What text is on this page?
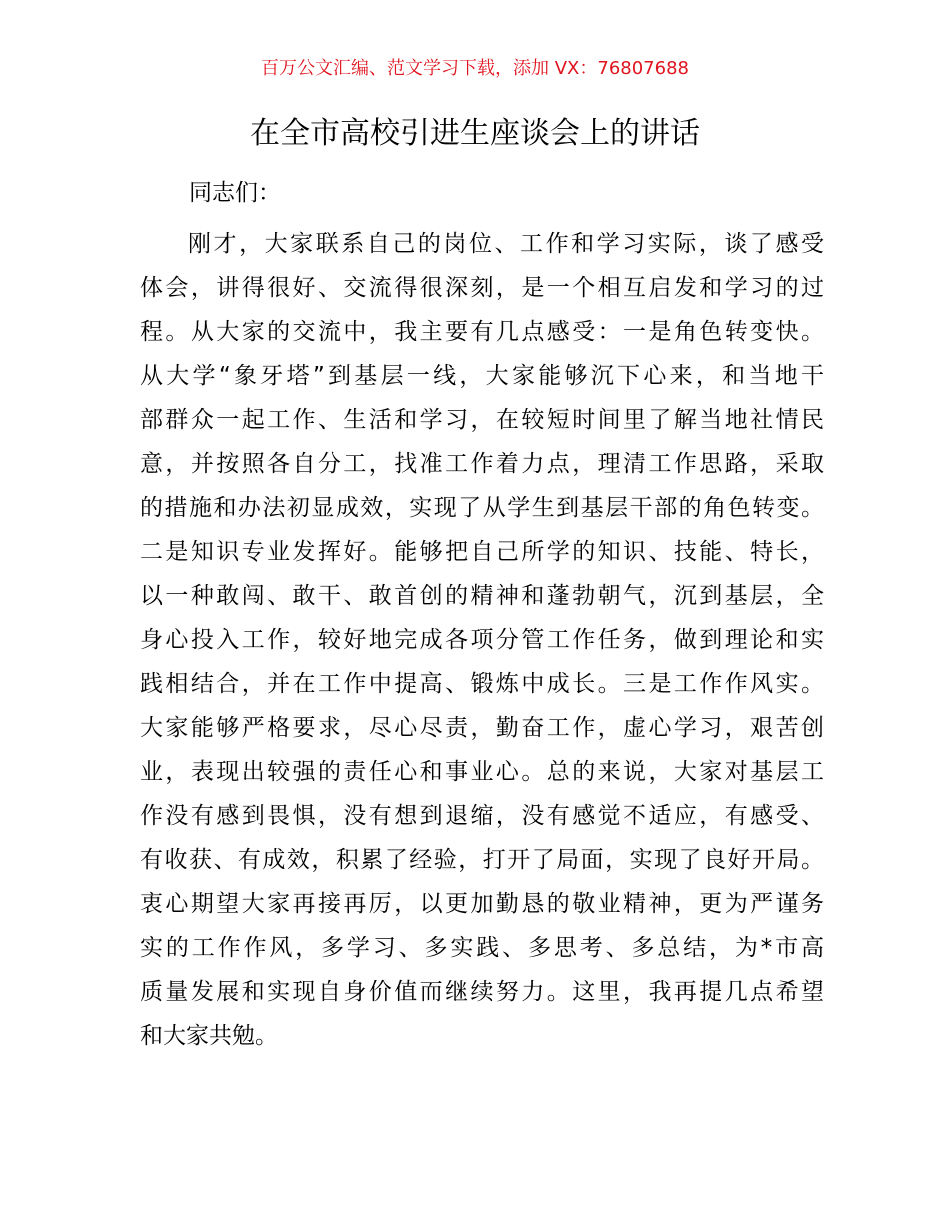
百万公文汇编、范文学习下载，添加 VX：76807688
在全市高校引进生座谈会上的讲话
同志们：
刚才，大家联系自己的岗位、工作和学习实际，谈了感受
体会，讲得很好、交流得很深刻，是一个相互启发和学习的过
程。从大家的交流中，我主要有几点感受：一是角色转变快。
从大学“象牙塔”到基层一线，大家能够沉下心来，和当地干
部群众一起工作、生活和学习，在较短时间里了解当地社情民
意，并按照各自分工，找准工作着力点，理清工作思路，采取
的措施和办法初显成效，实现了从学生到基层干部的角色转变。
二是知识专业发挥好。能够把自己所学的知识、技能、特长，
以一种敢闯、敢干、敢首创的精神和蓬勃朝气，沉到基层，全
身心投入工作，较好地完成各项分管工作任务，做到理论和实
践相结合，并在工作中提高、锻炼中成长。三是工作作风实。
大家能够严格要求，尽心尽责，勤奋工作，虚心学习，艰苦创
业，表现出较强的责任心和事业心。总的来说，大家对基层工
作没有感到畏惧，没有想到退缩，没有感觉不适应，有感受、
有收获、有成效，积累了经验，打开了局面，实现了良好开局。
衷心期望大家再接再厉，以更加勤恳的敬业精神，更为严谨务
实的工作作风，多学习、多实践、多思考、多总结，为*市高
质量发展和实现自身价值而继续努力。这里，我再提几点希望
和大家共勉。
